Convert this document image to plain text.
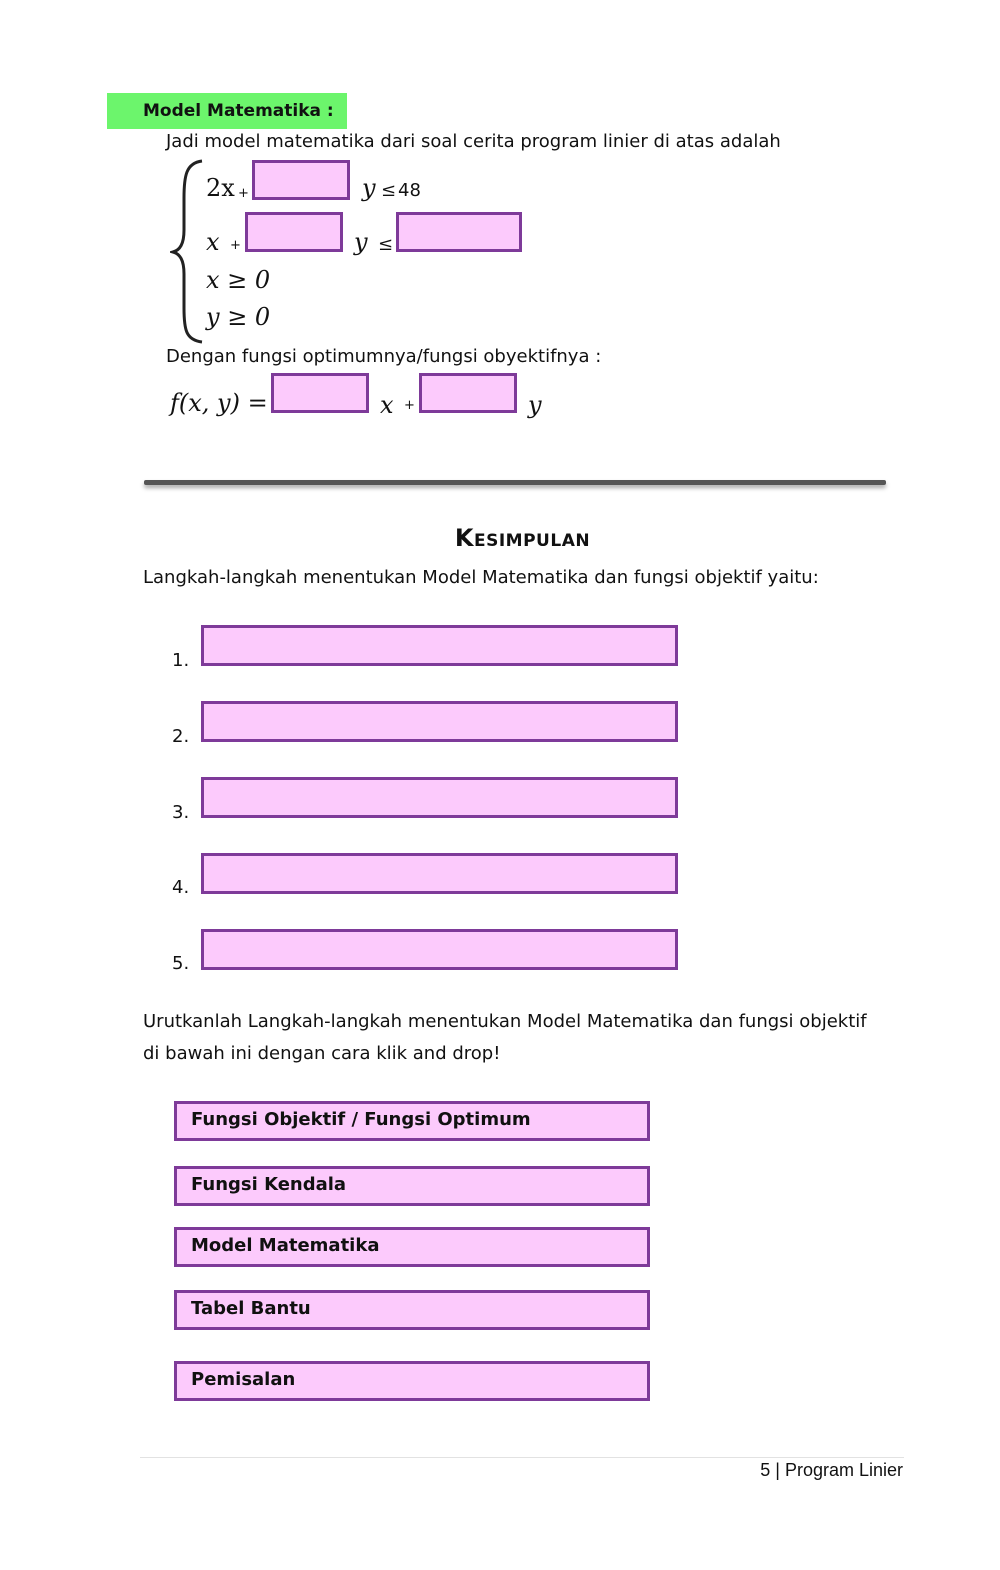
Model Matematika :
Jadi model matematika dari soal cerita program linier di atas adalah
2x +	y ≤ 48
x +	y ≤
x ≥ 0
y ≥ 0
Dengan fungsi optimumnya/fungsi obyektifnya :
f(x, y) =	x +	y
Kesimpulan
Langkah-langkah menentukan Model Matematika dan fungsi objektif yaitu:
1.
2.
3.
4.
5.
Urutkanlah Langkah-langkah menentukan Model Matematika dan fungsi objektif
di bawah ini dengan cara klik and drop!
Fungsi Objektif / Fungsi Optimum
Fungsi Kendala
Model Matematika
Tabel Bantu
Pemisalan
5 | Program Linier
